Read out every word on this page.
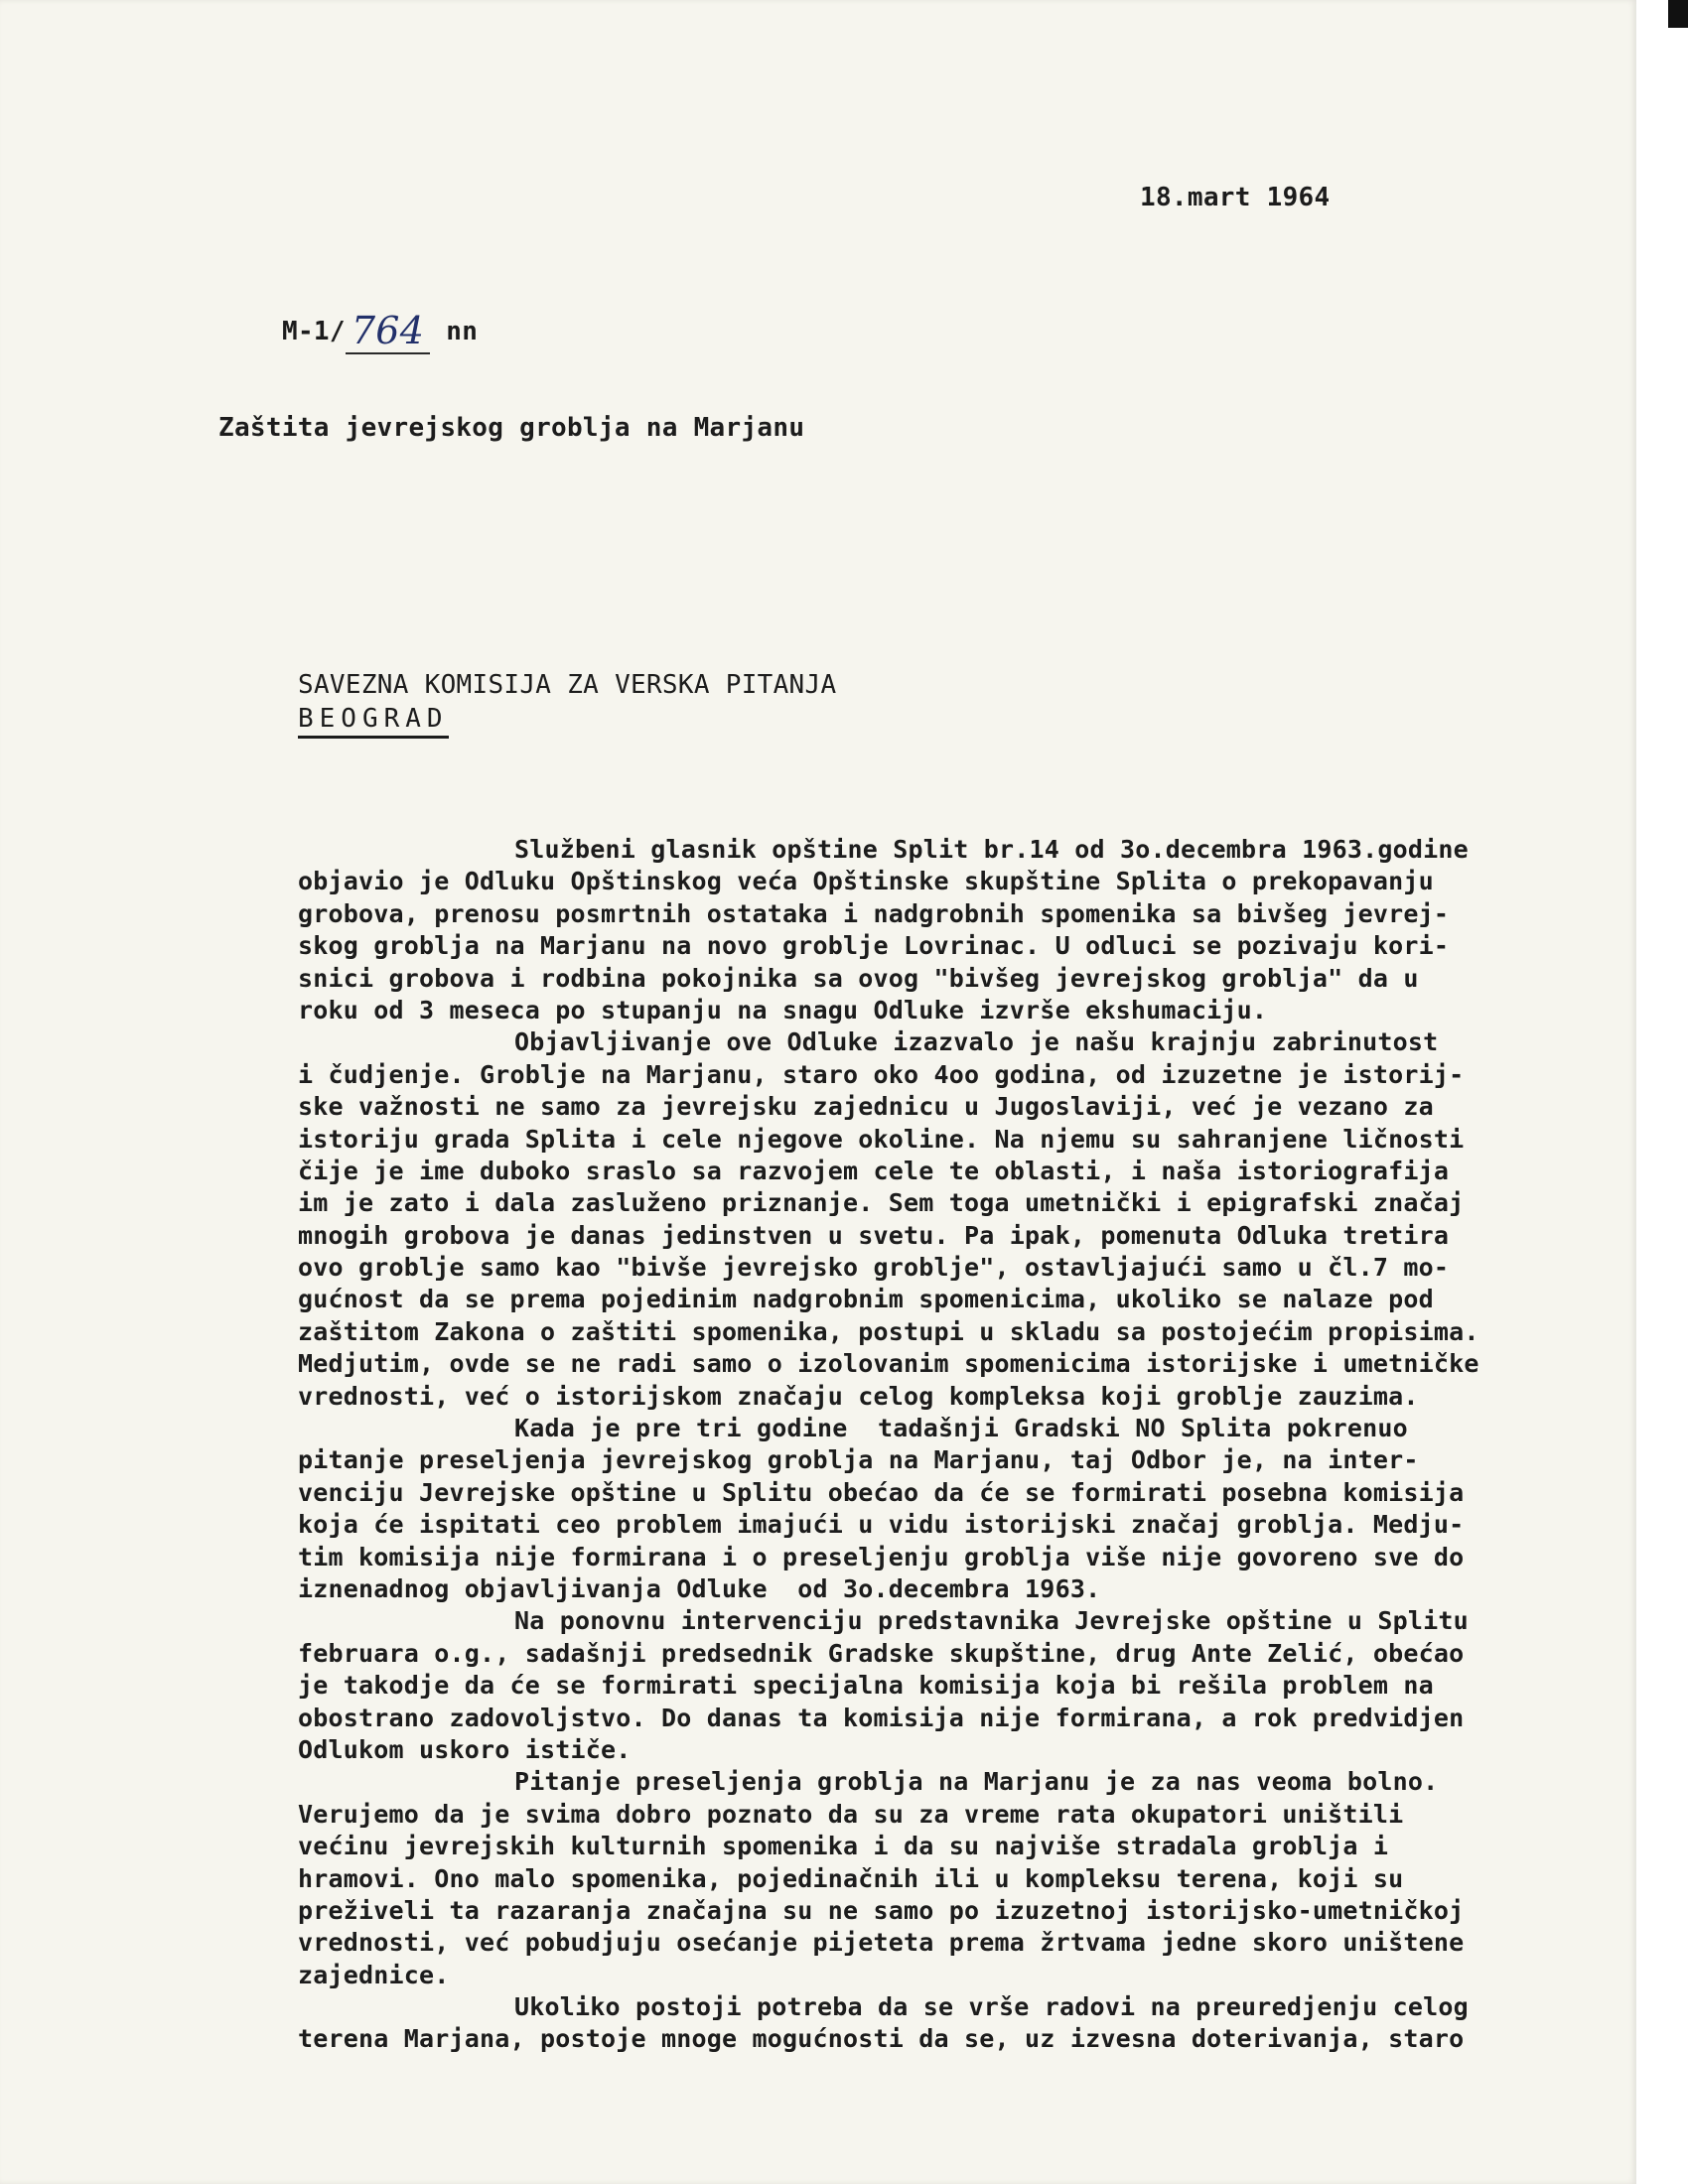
18.mart 1964
M-1/ 764 nn
Zaštita jevrejskog groblja na Marjanu
SAVEZNA KOMISIJA ZA VERSKA PITANJA
BEOGRAD
Službeni glasnik opštine Split br.14 od 3o.decembra 1963.godine
objavio je Odluku Opštinskog veća Opštinske skupštine Splita o prekopavanju
grobova, prenosu posmrtnih ostataka i nadgrobnih spomenika sa bivšeg jevrej-
skog groblja na Marjanu na novo groblje Lovrinac. U odluci se pozivaju kori-
snici grobova i rodbina pokojnika sa ovog "bivšeg jevrejskog groblja" da u
roku od 3 meseca po stupanju na snagu Odluke izvrše ekshumaciju.
Objavljivanje ove Odluke izazvalo je našu krajnju zabrinutost
i čudjenje. Groblje na Marjanu, staro oko 4oo godina, od izuzetne je istorij-
ske važnosti ne samo za jevrejsku zajednicu u Jugoslaviji, već je vezano za
istoriju grada Splita i cele njegove okoline. Na njemu su sahranjene ličnosti
čije je ime duboko sraslo sa razvojem cele te oblasti, i naša istoriografija
im je zato i dala zasluženo priznanje. Sem toga umetnički i epigrafski značaj
mnogih grobova je danas jedinstven u svetu. Pa ipak, pomenuta Odluka tretira
ovo groblje samo kao "bivše jevrejsko groblje", ostavljajući samo u čl.7 mo-
gućnost da se prema pojedinim nadgrobnim spomenicima, ukoliko se nalaze pod
zaštitom Zakona o zaštiti spomenika, postupi u skladu sa postojećim propisima.
Medjutim, ovde se ne radi samo o izolovanim spomenicima istorijske i umetničke
vrednosti, već o istorijskom značaju celog kompleksa koji groblje zauzima.
Kada je pre tri godine  tadašnji Gradski NO Splita pokrenuo
pitanje preseljenja jevrejskog groblja na Marjanu, taj Odbor je, na inter-
venciju Jevrejske opštine u Splitu obećao da će se formirati posebna komisija
koja će ispitati ceo problem imajući u vidu istorijski značaj groblja. Medju-
tim komisija nije formirana i o preseljenju groblja više nije govoreno sve do
iznenadnog objavljivanja Odluke  od 3o.decembra 1963.
Na ponovnu intervenciju predstavnika Jevrejske opštine u Splitu
februara o.g., sadašnji predsednik Gradske skupštine, drug Ante Zelić, obećao
je takodje da će se formirati specijalna komisija koja bi rešila problem na
obostrano zadovoljstvo. Do danas ta komisija nije formirana, a rok predvidjen
Odlukom uskoro ističe.
Pitanje preseljenja groblja na Marjanu je za nas veoma bolno.
Verujemo da je svima dobro poznato da su za vreme rata okupatori uništili
većinu jevrejskih kulturnih spomenika i da su najviše stradala groblja i
hramovi. Ono malo spomenika, pojedinačnih ili u kompleksu terena, koji su
preživeli ta razaranja značajna su ne samo po izuzetnoj istorijsko-umetničkoj
vrednosti, već pobudjuju osećanje pijeteta prema žrtvama jedne skoro uništene
zajednice.
Ukoliko postoji potreba da se vrše radovi na preuredjenju celog
terena Marjana, postoje mnoge mogućnosti da se, uz izvesna doterivanja, staro
